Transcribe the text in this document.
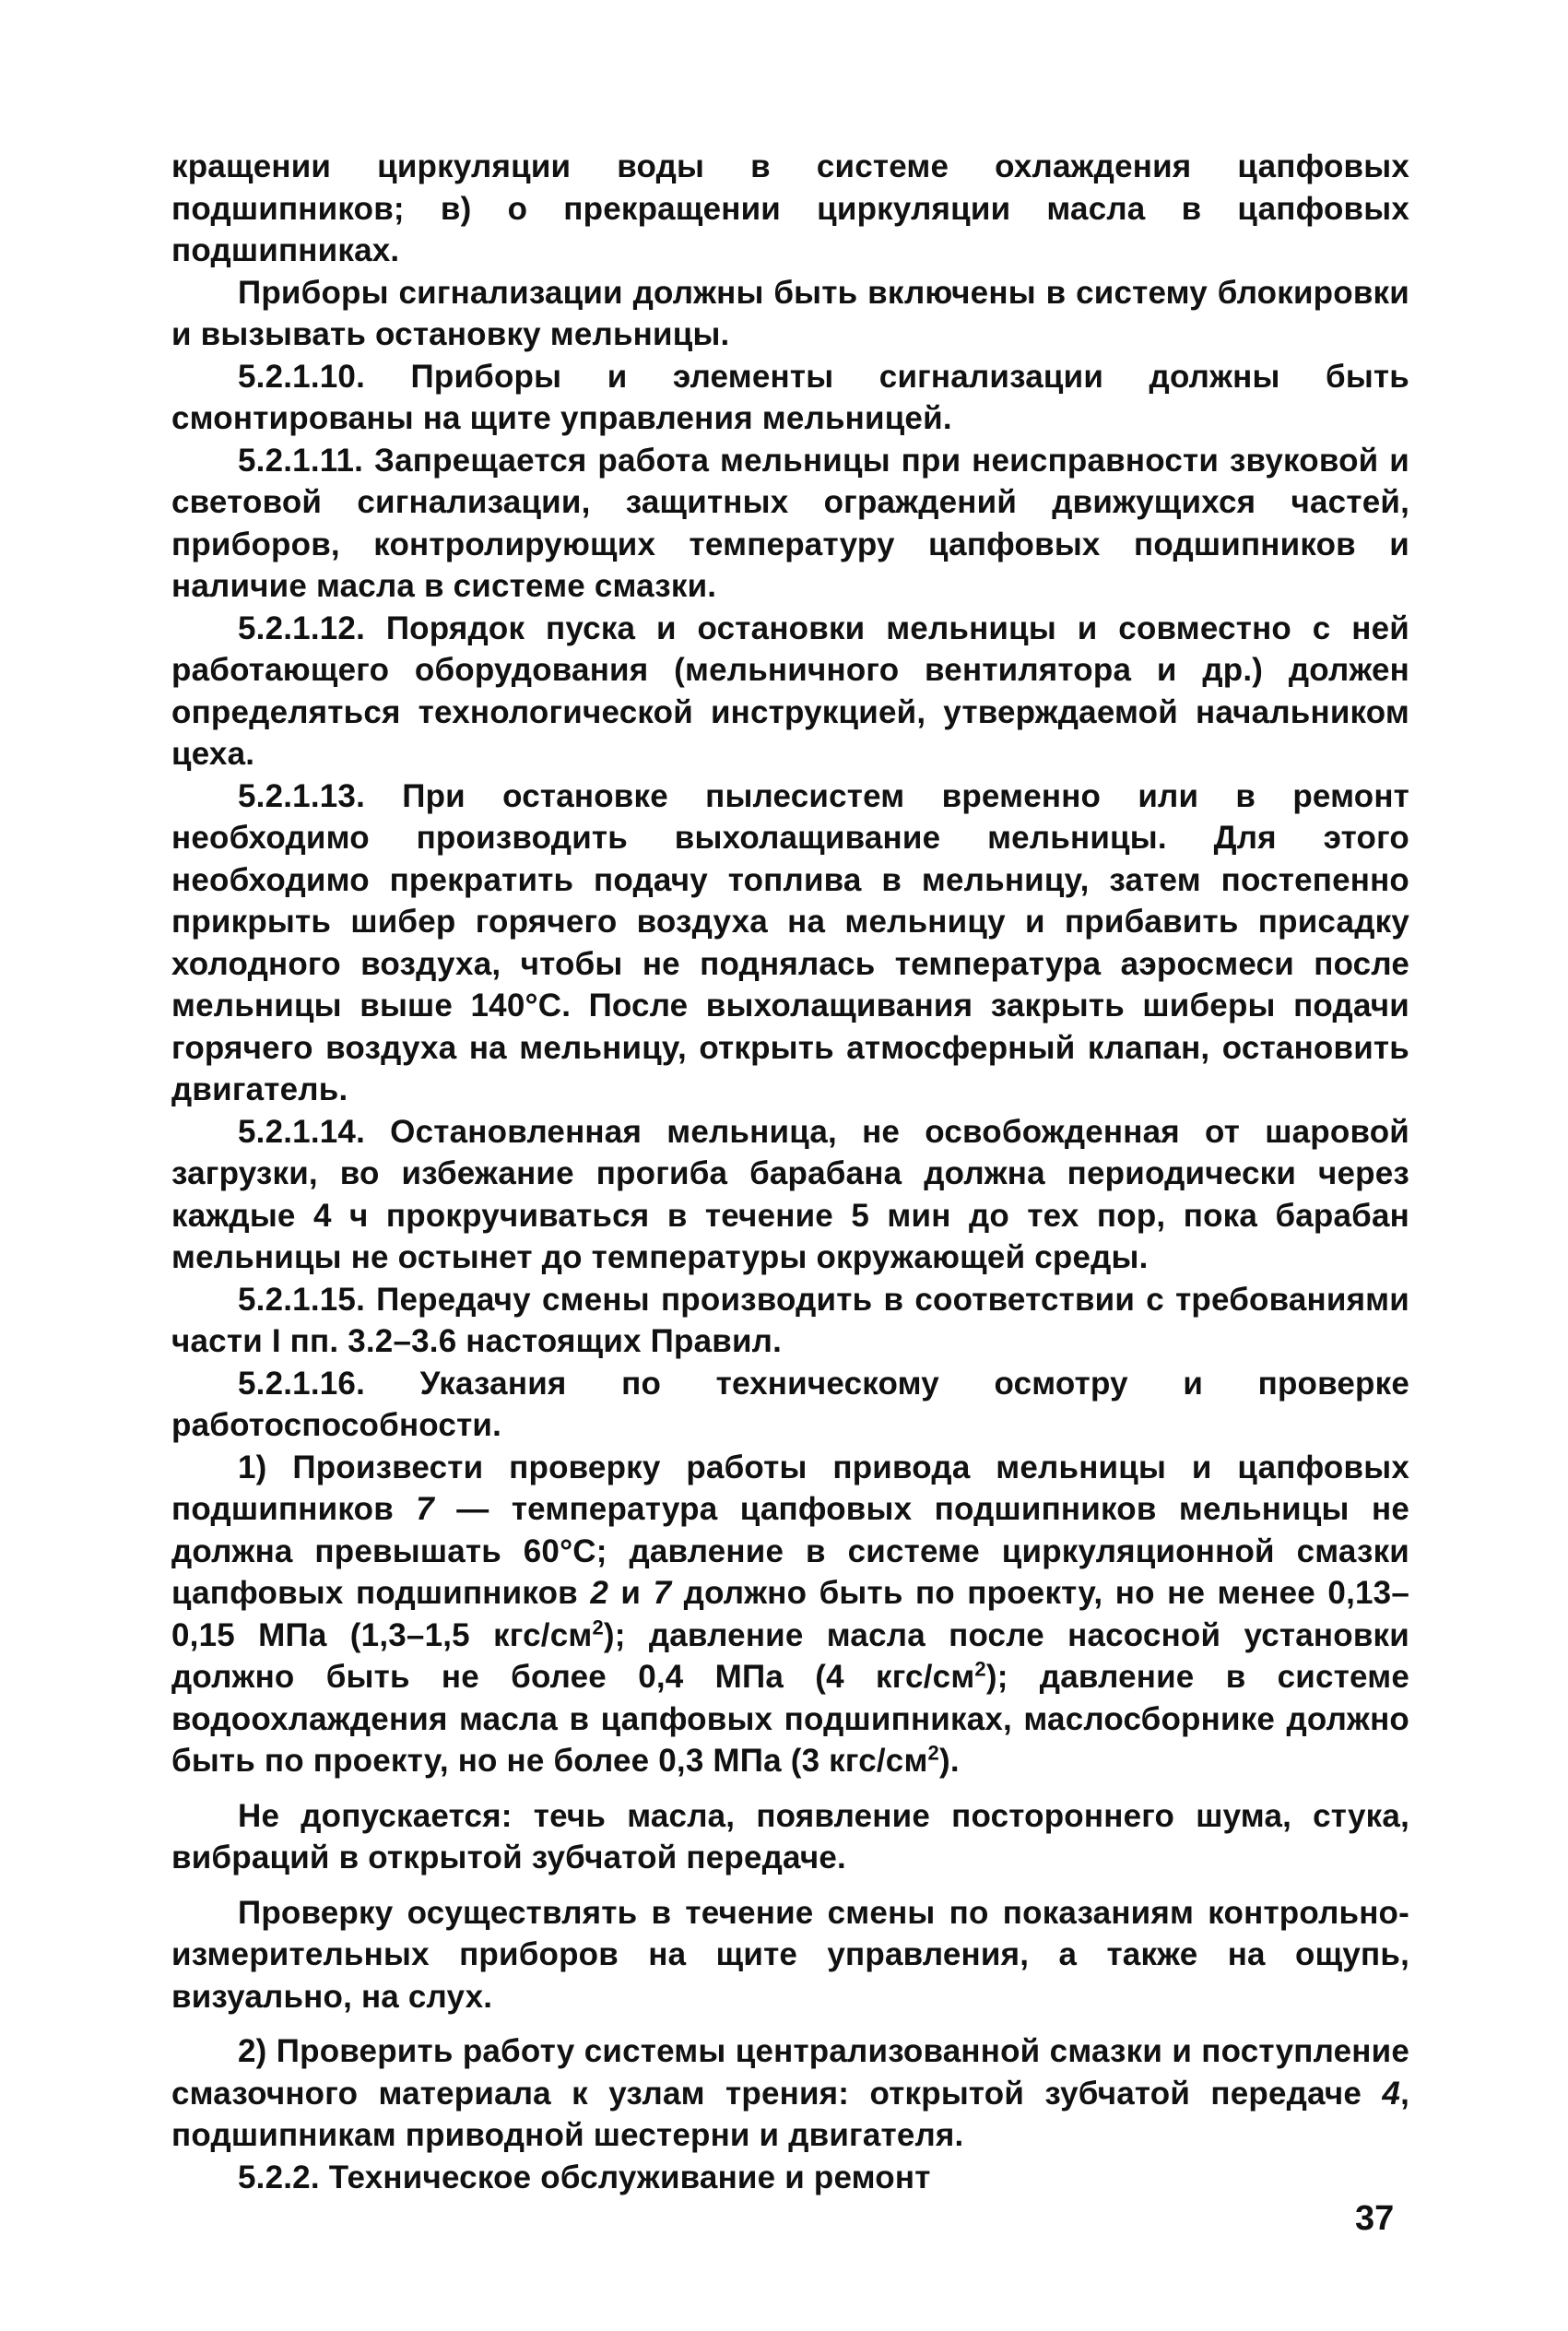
кращении циркуляции воды в системе охлаждения цапфовых подшипников; в) о прекращении циркуляции масла в цапфовых подшипниках.

Приборы сигнализации должны быть включены в систему блокировки и вызывать остановку мельницы.

5.2.1.10. Приборы и элементы сигнализации должны быть смонтированы на щите управления мельницей.

5.2.1.11. Запрещается работа мельницы при неисправности звуковой и световой сигнализации, защитных ограждений движущихся частей, приборов, контролирующих температуру цапфовых подшипников и наличие масла в системе смазки.

5.2.1.12. Порядок пуска и остановки мельницы и совместно с ней работающего оборудования (мельничного вентилятора и др.) должен определяться технологической инструкцией, утверждаемой начальником цеха.

5.2.1.13. При остановке пылесистем временно или в ремонт необходимо производить выхолащивание мельницы. Для этого необходимо прекратить подачу топлива в мельницу, затем постепенно прикрыть шибер горячего воздуха на мельницу и прибавить присадку холодного воздуха, чтобы не поднялась температура аэросмеси после мельницы выше 140°С. После выхолащивания закрыть шиберы подачи горячего воздуха на мельницу, открыть атмосферный клапан, остановить двигатель.

5.2.1.14. Остановленная мельница, не освобожденная от шаровой загрузки, во избежание прогиба барабана должна периодически через каждые 4 ч прокручиваться в течение 5 мин до тех пор, пока барабан мельницы не остынет до температуры окружающей среды.

5.2.1.15. Передачу смены производить в соответствии с требованиями части I пп. 3.2–3.6 настоящих Правил.

5.2.1.16. Указания по техническому осмотру и проверке работоспособности.

1) Произвести проверку работы привода мельницы и цапфовых подшипников 7 — температура цапфовых подшипников мельницы не должна превышать 60°С; давление в системе циркуляционной смазки цапфовых подшипников 2 и 7 должно быть по проекту, но не менее 0,13–0,15 МПа (1,3–1,5 кгс/$см^2$); давление масла после насосной установки должно быть не более 0,4 МПа (4 кгс/$см^2$); давление в системе водоохлаждения масла в цапфовых подшипниках, маслосборнике должно быть по проекту, но не более 0,3 МПа (3 кгс/$см^2$).

Не допускается: течь масла, появление постороннего шума, стука, вибраций в открытой зубчатой передаче.

Проверку осуществлять в течение смены по показаниям контрольно-измерительных приборов на щите управления, а также на ощупь, визуально, на слух.

2) Проверить работу системы централизованной смазки и поступление смазочного материала к узлам трения: открытой зубчатой передаче 4, подшипникам приводной шестерни и двигателя.

5.2.2. Техническое обслуживание и ремонт

37
